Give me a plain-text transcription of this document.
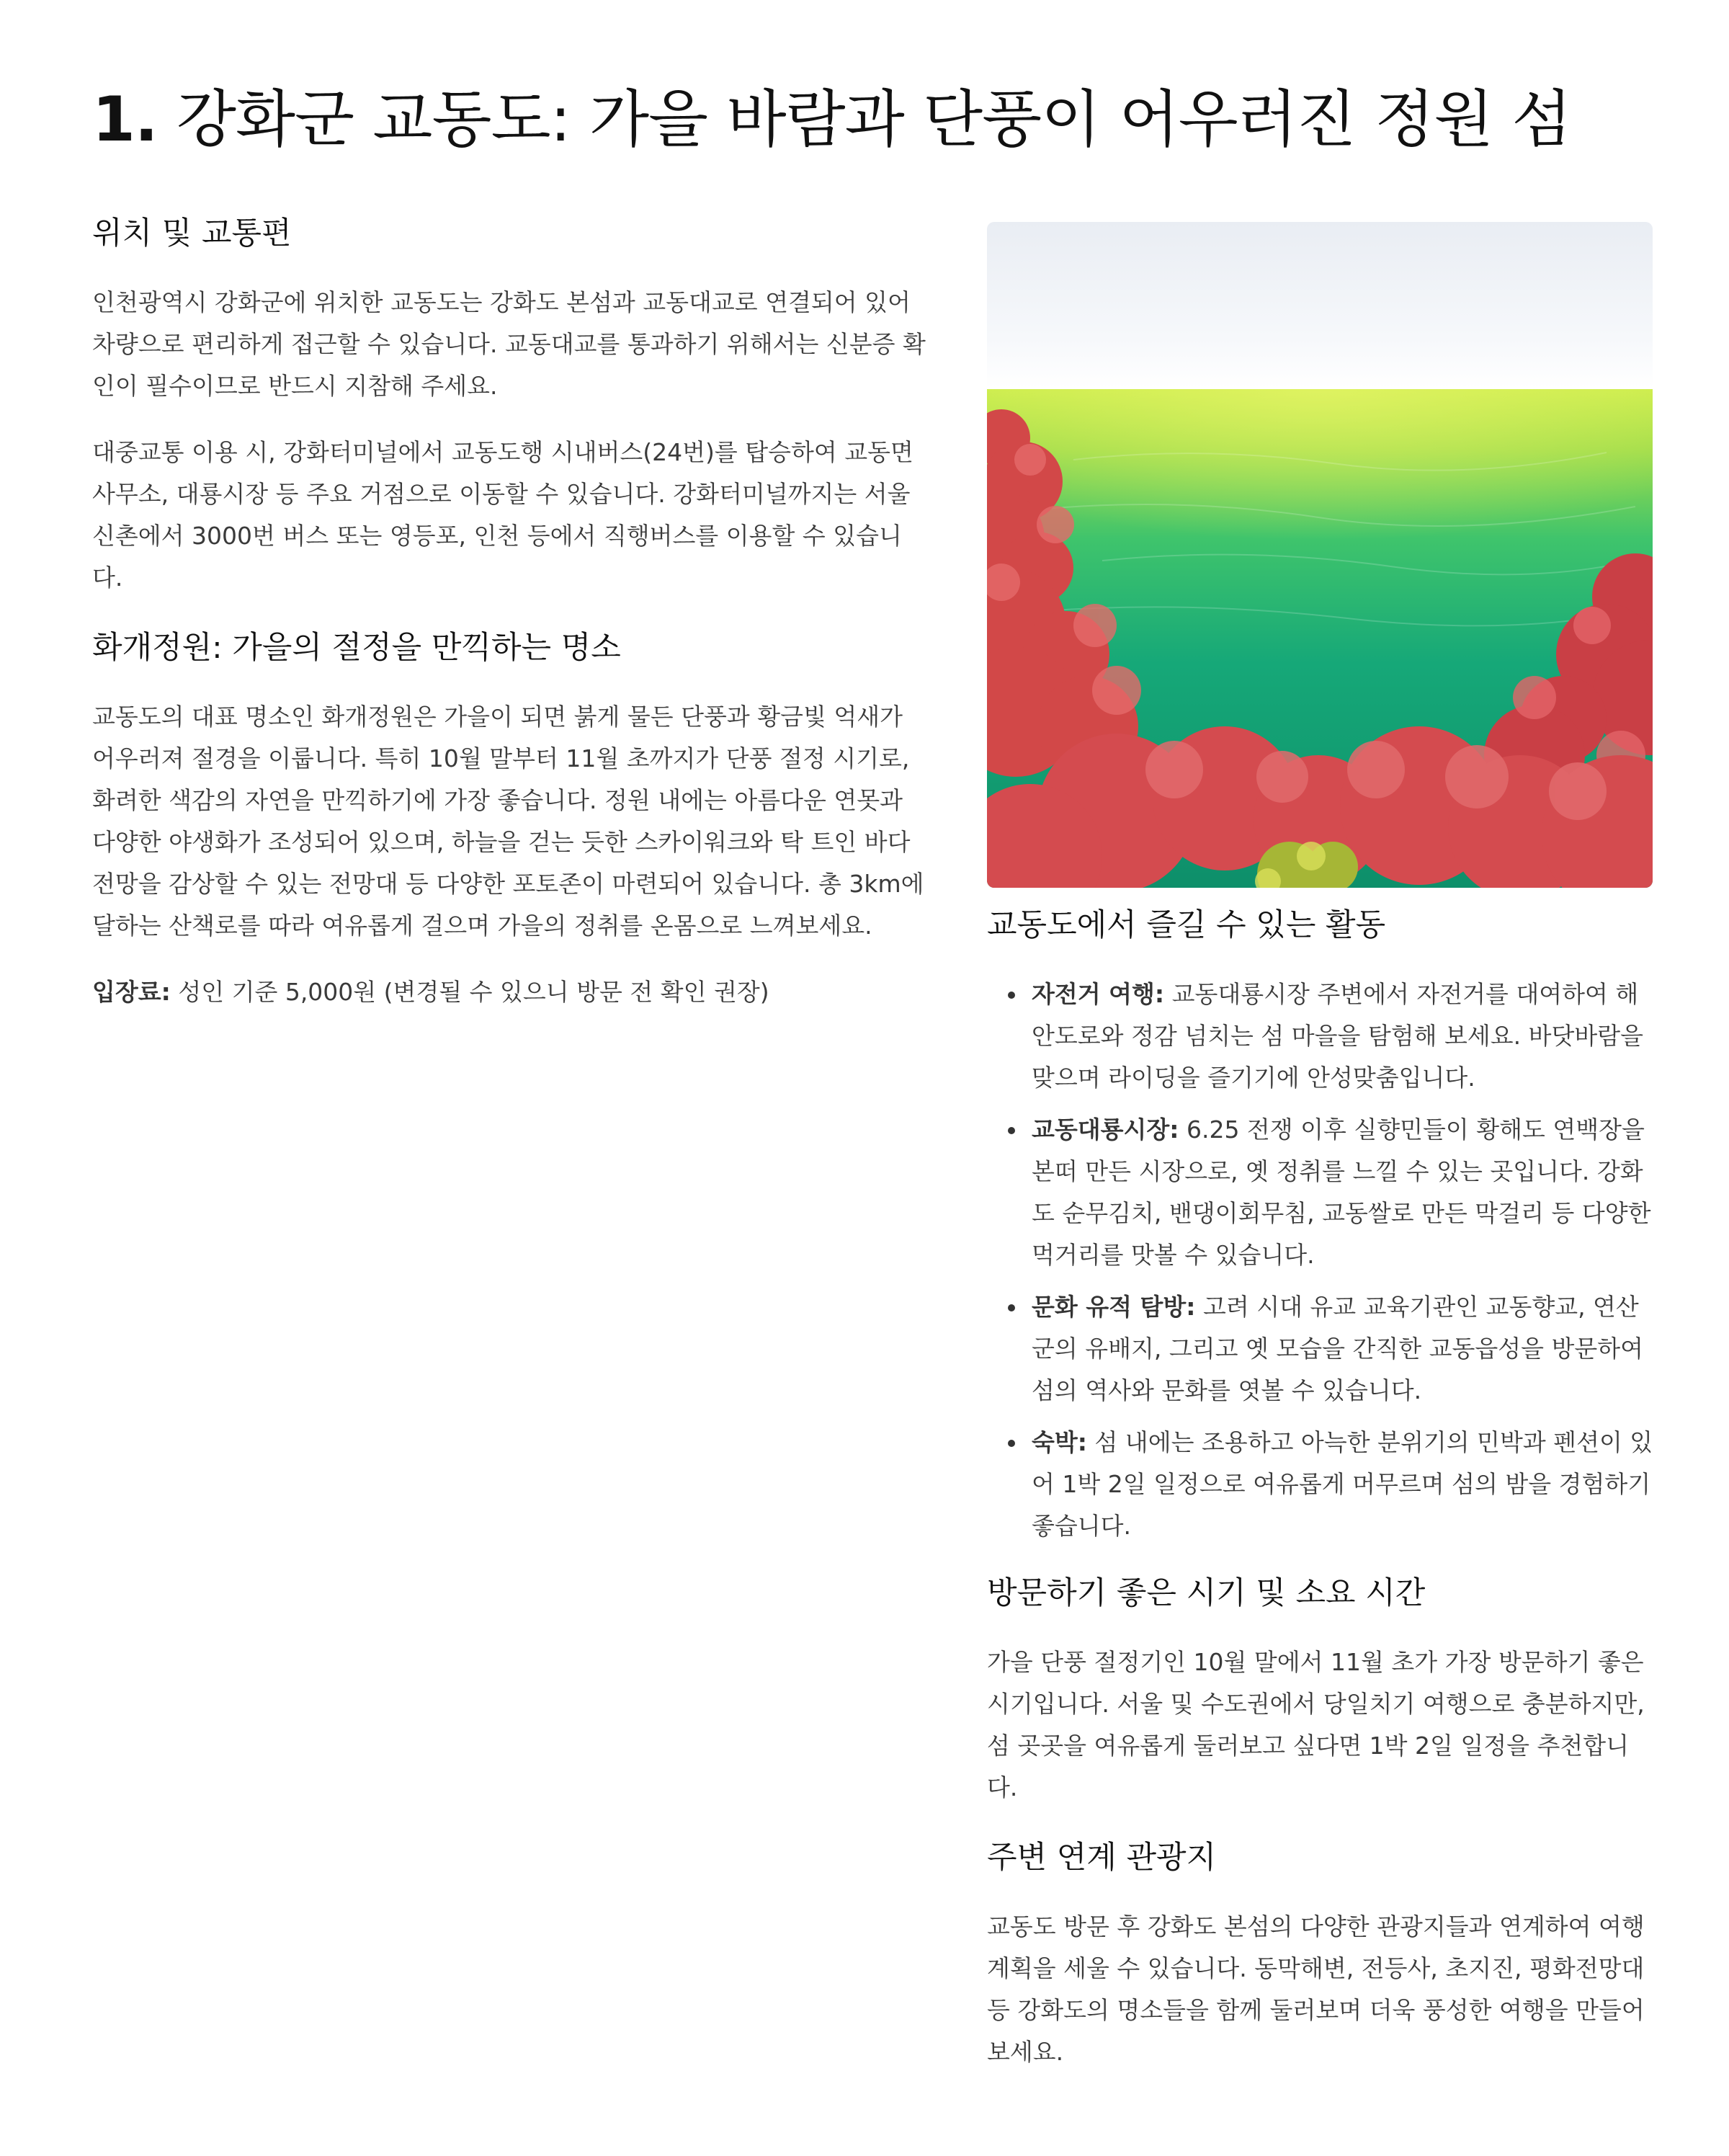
1. 강화군 교동도: 가을 바람과 단풍이 어우러진 정원 섬
위치 및 교통편

인천광역시 강화군에 위치한 교동도는 강화도 본섬과 교동대교로 연결되어 있어 차량으로 편리하게 접근할 수 있습니다. 교동대교를 통과하기 위해서는 신분증 확인이 필수이므로 반드시 지참해 주세요.

대중교통 이용 시, 강화터미널에서 교동도행 시내버스(24번)를 탑승하여 교동면사무소, 대룡시장 등 주요 거점으로 이동할 수 있습니다. 강화터미널까지는 서울 신촌에서 3000번 버스 또는 영등포, 인천 등에서 직행버스를 이용할 수 있습니다.

화개정원: 가을의 절정을 만끽하는 명소

교동도의 대표 명소인 화개정원은 가을이 되면 붉게 물든 단풍과 황금빛 억새가 어우러져 절경을 이룹니다. 특히 10월 말부터 11월 초까지가 단풍 절정 시기로, 화려한 색감의 자연을 만끽하기에 가장 좋습니다. 정원 내에는 아름다운 연못과 다양한 야생화가 조성되어 있으며, 하늘을 걷는 듯한 스카이워크와 탁 트인 바다 전망을 감상할 수 있는 전망대 등 다양한 포토존이 마련되어 있습니다. 총 3km에 달하는 산책로를 따라 여유롭게 걸으며 가을의 정취를 온몸으로 느껴보세요.

입장료: 성인 기준 5,000원 (변경될 수 있으니 방문 전 확인 권장)

교동도에서 즐길 수 있는 활동
• 자전거 여행: 교동대룡시장 주변에서 자전거를 대여하여 해안도로와 정감 넘치는 섬 마을을 탐험해 보세요. 바닷바람을 맞으며 라이딩을 즐기기에 안성맞춤입니다.
• 교동대룡시장: 6.25 전쟁 이후 실향민들이 황해도 연백장을 본떠 만든 시장으로, 옛 정취를 느낄 수 있는 곳입니다. 강화도 순무김치, 밴댕이회무침, 교동쌀로 만든 막걸리 등 다양한 먹거리를 맛볼 수 있습니다.
• 문화 유적 탐방: 고려 시대 유교 교육기관인 교동향교, 연산군의 유배지, 그리고 옛 모습을 간직한 교동읍성을 방문하여 섬의 역사와 문화를 엿볼 수 있습니다.
• 숙박: 섬 내에는 조용하고 아늑한 분위기의 민박과 펜션이 있어 1박 2일 일정으로 여유롭게 머무르며 섬의 밤을 경험하기 좋습니다.
방문하기 좋은 시기 및 소요 시간

가을 단풍 절정기인 10월 말에서 11월 초가 가장 방문하기 좋은 시기입니다. 서울 및 수도권에서 당일치기 여행으로 충분하지만, 섬 곳곳을 여유롭게 둘러보고 싶다면 1박 2일 일정을 추천합니다.

주변 연계 관광지

교동도 방문 후 강화도 본섬의 다양한 관광지들과 연계하여 여행 계획을 세울 수 있습니다. 동막해변, 전등사, 초지진, 평화전망대 등 강화도의 명소들을 함께 둘러보며 더욱 풍성한 여행을 만들어 보세요.
